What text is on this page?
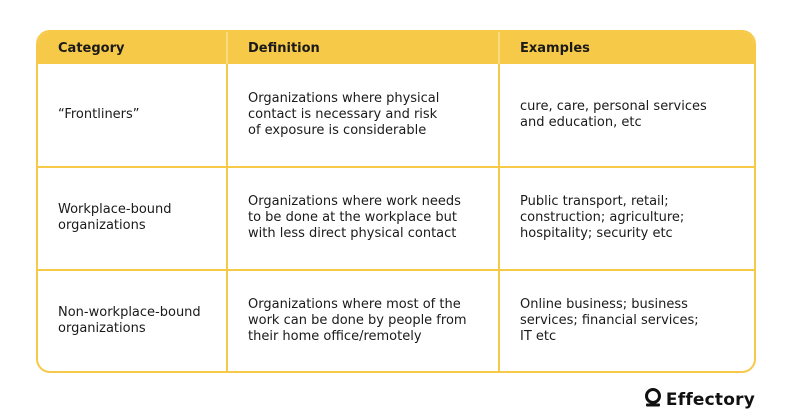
Category	Definition	Examples
“Frontliners”
Organizations where physical
contact is necessary and risk
of exposure is considerable
cure, care, personal services
and education, etc
Workplace-bound
organizations
Organizations where work needs
to be done at the workplace but
with less direct physical contact
Public transport, retail;
construction; agriculture;
hospitality; security etc
Non-workplace-bound
organizations
Organizations where most of the
work can be done by people from
their home office/remotely
Online business; business
services; financial services;
IT etc
Effectory
